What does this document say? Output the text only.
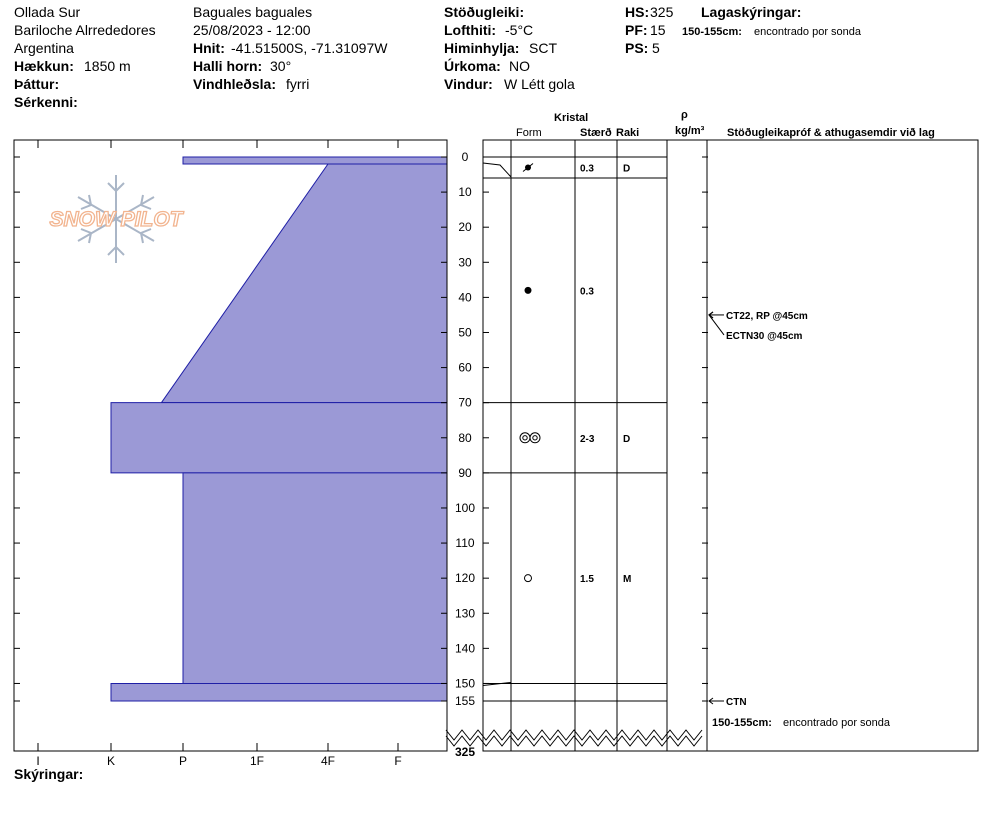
Ollada Sur
Bariloche Alrrededores
Argentina
Hækkun: 1850 m
Þáttur:
Sérkenni:
Baguales baguales
25/08/2023 - 12:00
Hnit: -41.51500S, -71.31097W
Halli horn: 30°
Vindhleðsla: fyrri
Stöðugleiki:
Lofthiti: -5°C
Himinhylja: SCT
Úrkoma: NO
Vindur: W Létt gola
HS: 325
PF: 15
PS: 5
Lagaskýringar:
150-155cm: encontrado por sonda
Kristal
Form	Stærð Raki
ρ
kg/m³ Stöðugleikapróf & athugasemdir við lag
SNOW PILOT
I	K	P	1F	4F	F
0
10
20
30
40
50
60
70
80
90
100
110
120
130
140
150
155
325
0.3	D
0.3
2-3	D
1.5	M
CT22, RP @45cm
ECTN30 @45cm
CTN
150-155cm: encontrado por sonda
Skýringar:
